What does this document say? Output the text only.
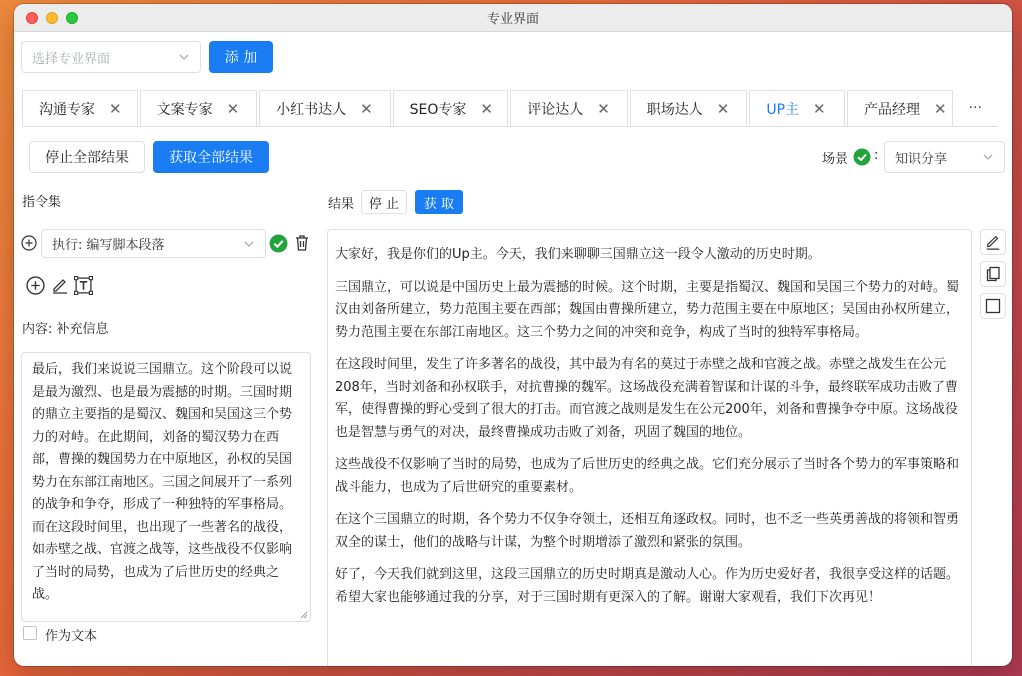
专业界面
选择专业界面	添 加
沟通专家 ✕	文案专家 ✕	小红书达人 ✕	SEO专家 ✕ 评论达人 ✕	职场达人 ✕	UP主 ✕	产品经理 ✕	···
停止全部结果	获取全部结果	场景 : 知识分享
指令集
执行: 编写脚本段落
内容: 补充信息
最后，我们来说说三国鼎立。这个阶段可以说是最为激烈、也是最为震撼的时期。三国时期的鼎立主要指的是蜀汉、魏国和吴国这三个势力的对峙。在此期间，刘备的蜀汉势力在西部，曹操的魏国势力在中原地区，孙权的吴国势力在东部江南地区。三国之间展开了一系列的战争和争夺，形成了一种独特的军事格局。而在这段时间里，也出现了一些著名的战役，如赤壁之战、官渡之战等，这些战役不仅影响了当时的局势，也成为了后世历史的经典之战。
作为文本
结果	停 止	获 取

大家好，我是你们的Up主。今天，我们来聊聊三国鼎立这一段令人激动的历史时期。

三国鼎立，可以说是中国历史上最为震撼的时候。这个时期，主要是指蜀汉、魏国和吴国三个势力的对峙。蜀汉由刘备所建立，势力范围主要在西部；魏国由曹操所建立，势力范围主要在中原地区；吴国由孙权所建立，势力范围主要在东部江南地区。这三个势力之间的冲突和竞争，构成了当时的独特军事格局。

在这段时间里，发生了许多著名的战役，其中最为有名的莫过于赤壁之战和官渡之战。赤壁之战发生在公元208年，当时刘备和孙权联手，对抗曹操的魏军。这场战役充满着智谋和计谋的斗争，最终联军成功击败了曹军，使得曹操的野心受到了很大的打击。而官渡之战则是发生在公元200年，刘备和曹操争夺中原。这场战役也是智慧与勇气的对决，最终曹操成功击败了刘备，巩固了魏国的地位。

这些战役不仅影响了当时的局势，也成为了后世历史的经典之战。它们充分展示了当时各个势力的军事策略和战斗能力，也成为了后世研究的重要素材。

在这个三国鼎立的时期，各个势力不仅争夺领土，还相互角逐政权。同时，也不乏一些英勇善战的将领和智勇双全的谋士，他们的战略与计谋，为整个时期增添了激烈和紧张的氛围。

好了，今天我们就到这里，这段三国鼎立的历史时期真是激动人心。作为历史爱好者，我很享受这样的话题。希望大家也能够通过我的分享，对于三国时期有更深入的了解。谢谢大家观看，我们下次再见！
